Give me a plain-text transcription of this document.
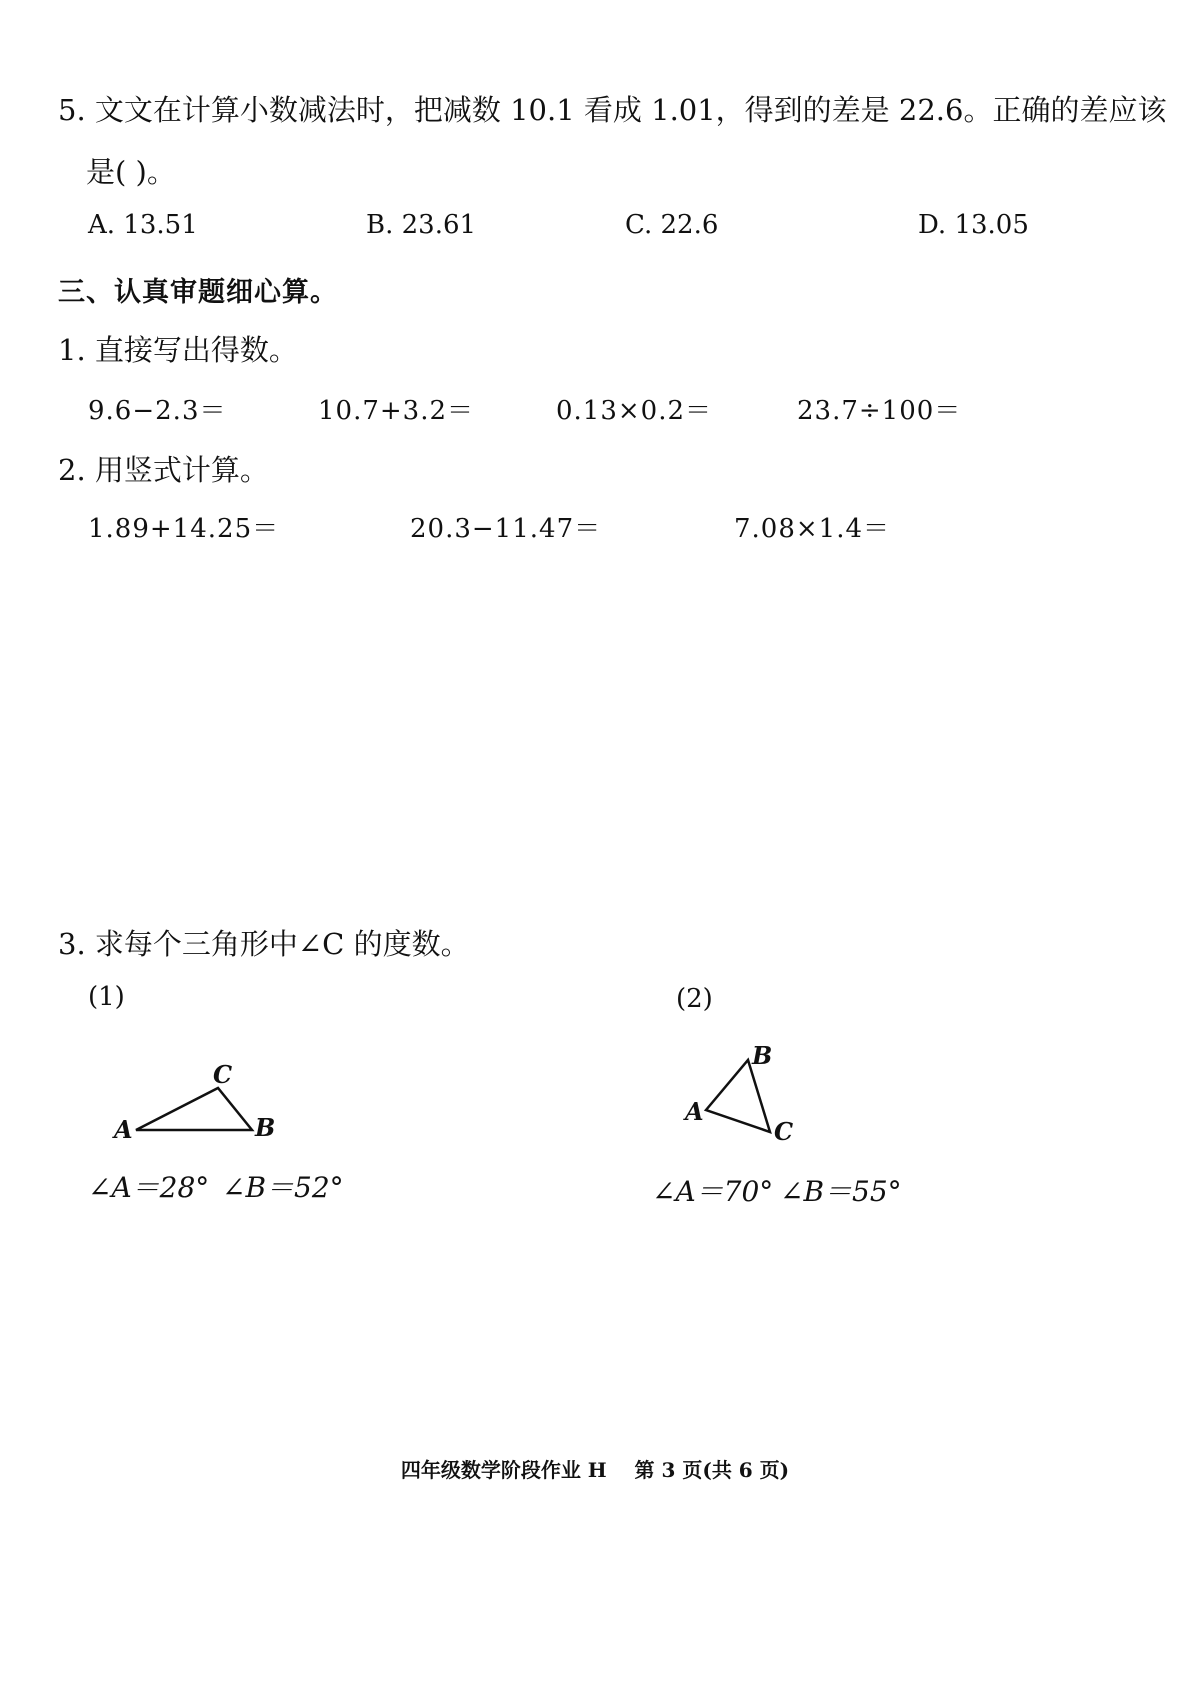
5. 文文在计算小数减法时，把减数 10.1 看成 1.01，得到的差是 22.6。正确的差应该
是( )。
A. 13.51	B. 23.61	C. 22.6	D. 13.05
三、认真审题细心算。
1. 直接写出得数。
9.6−2.3＝	10.7+3.2＝	0.13×0.2＝	23.7÷100＝
2. 用竖式计算。
1.89+14.25＝	20.3−11.47＝	7.08×1.4＝
3. 求每个三角形中∠C 的度数。
(1)	(2)
A
C
B
A
B
C
∠A＝28° ∠B＝52°	∠A＝70° ∠B＝55°
四年级数学阶段作业 H    第 3 页(共 6 页)
